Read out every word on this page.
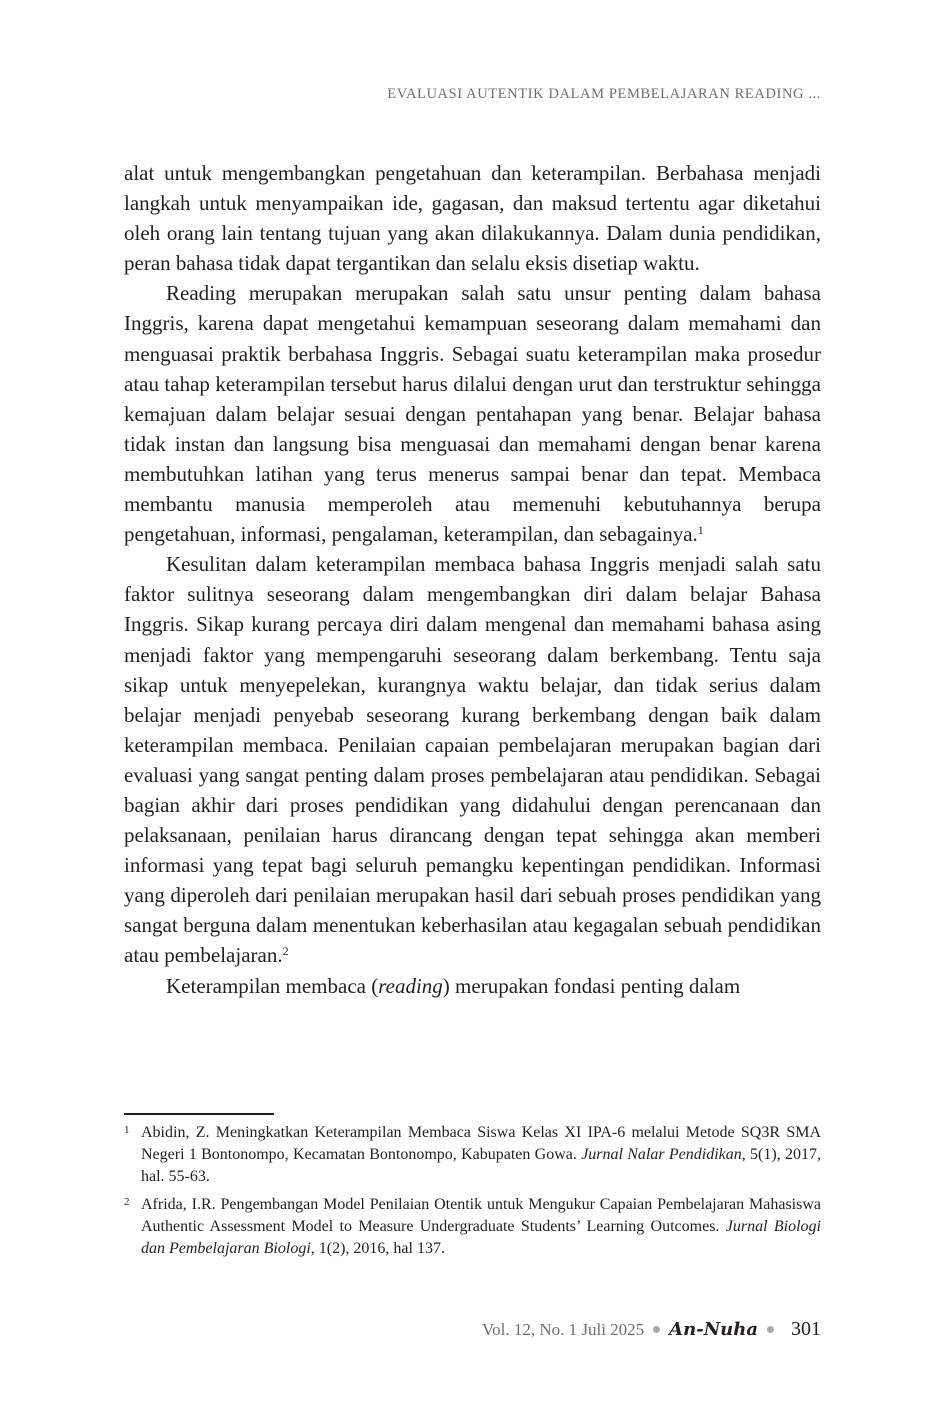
EVALUASI AUTENTIK DALAM PEMBELAJARAN READING ...

alat untuk mengembangkan pengetahuan dan keterampilan. Berbahasa menjadi langkah untuk menyampaikan ide, gagasan, dan maksud tertentu agar diketahui oleh orang lain tentang tujuan yang akan dilakukannya. Dalam dunia pendidikan, peran bahasa tidak dapat tergantikan dan selalu eksis disetiap waktu.

Reading merupakan merupakan salah satu unsur penting dalam bahasa Inggris, karena dapat mengetahui kemampuan seseorang dalam memahami dan menguasai praktik berbahasa Inggris. Sebagai suatu keterampilan maka prosedur atau tahap keterampilan tersebut harus dilalui dengan urut dan terstruktur sehingga kemajuan dalam belajar sesuai dengan pentahapan yang benar. Belajar bahasa tidak instan dan langsung bisa menguasai dan memahami dengan benar karena membutuhkan latihan yang terus menerus sampai benar dan tepat. Membaca membantu manusia memperoleh atau memenuhi kebutuhannya berupa pengetahuan, informasi, pengalaman, keterampilan, dan sebagainya.$^1$

Kesulitan dalam keterampilan membaca bahasa Inggris menjadi salah satu faktor sulitnya seseorang dalam mengembangkan diri dalam belajar Bahasa Inggris. Sikap kurang percaya diri dalam mengenal dan memahami bahasa asing menjadi faktor yang mempengaruhi seseorang dalam berkembang. Tentu saja sikap untuk menyepelekan, kurangnya waktu belajar, dan tidak serius dalam belajar menjadi penyebab seseorang kurang berkembang dengan baik dalam keterampilan membaca. Penilaian capaian pembelajaran merupakan bagian dari evaluasi yang sangat penting dalam proses pembelajaran atau pendidikan. Sebagai bagian akhir dari proses pendidikan yang didahului dengan perencanaan dan pelaksanaan, penilaian harus dirancang dengan tepat sehingga akan memberi informasi yang tepat bagi seluruh pemangku kepentingan pendidikan. Informasi yang diperoleh dari penilaian merupakan hasil dari sebuah proses pendidikan yang sangat berguna dalam menentukan keberhasilan atau kegagalan sebuah pendidikan atau pembelajaran.$^2$

Keterampilan membaca (reading) merupakan fondasi penting dalam

1 Abidin, Z. Meningkatkan Keterampilan Membaca Siswa Kelas XI IPA-6 melalui Metode SQ3R SMA Negeri 1 Bontonompo, Kecamatan Bontonompo, Kabupaten Gowa. Jurnal Nalar Pendidikan, 5(1), 2017, hal. 55-63.
2 Afrida, I.R. Pengembangan Model Penilaian Otentik untuk Mengukur Capaian Pembelajaran Mahasiswa Authentic Assessment Model to Measure Undergraduate Students’ Learning Outcomes. Jurnal Biologi dan Pembelajaran Biologi, 1(2), 2016, hal 137.
Vol. 12, No. 1 Juli 2025 An-Nuha 301
